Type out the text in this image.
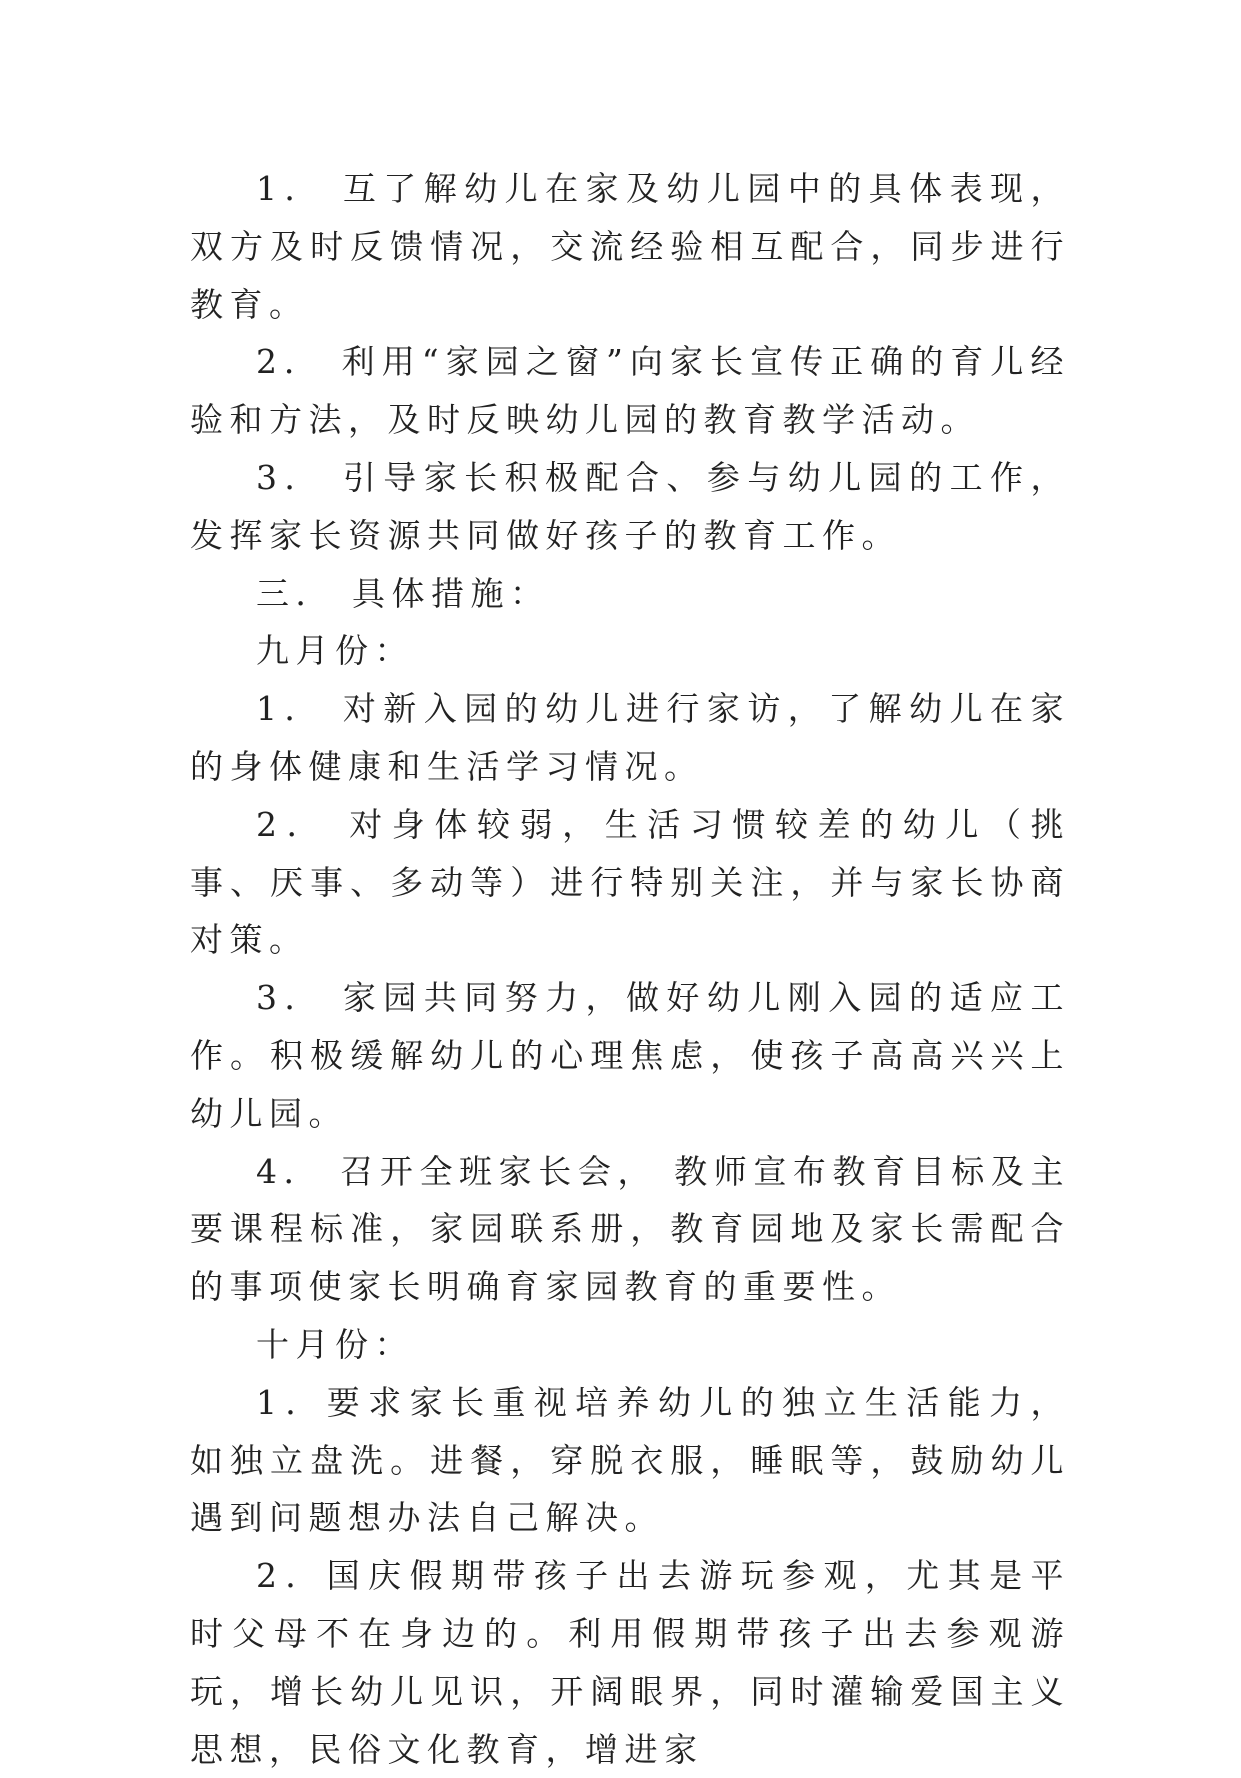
1． 互了解幼儿在家及幼儿园中的具体表现，双方及时反馈情况，交流经验相互配合，同步进行教育。

2． 利用“家园之窗”向家长宣传正确的育儿经验和方法，及时反映幼儿园的教育教学活动。

3． 引导家长积极配合、参与幼儿园的工作，发挥家长资源共同做好孩子的教育工作。

三． 具体措施：

九月份：

1． 对新入园的幼儿进行家访，了解幼儿在家的身体健康和生活学习情况。

2． 对身体较弱，生活习惯较差的幼儿（挑事、厌事、多动等）进行特别关注，并与家长协商对策。

3． 家园共同努力，做好幼儿刚入园的适应工作。积极缓解幼儿的心理焦虑，使孩子高高兴兴上幼儿园。

4． 召开全班家长会， 教师宣布教育目标及主要课程标准，家园联系册，教育园地及家长需配合的事项使家长明确育家园教育的重要性。

十月份：

1．要求家长重视培养幼儿的独立生活能力，如独立盘洗。进餐，穿脱衣服，睡眠等，鼓励幼儿遇到问题想办法自己解决。

2．国庆假期带孩子出去游玩参观，尤其是平时父母不在身边的。利用假期带孩子出去参观游玩，增长幼儿见识，开阔眼界，同时灌输爱国主义思想，民俗文化教育，增进家
